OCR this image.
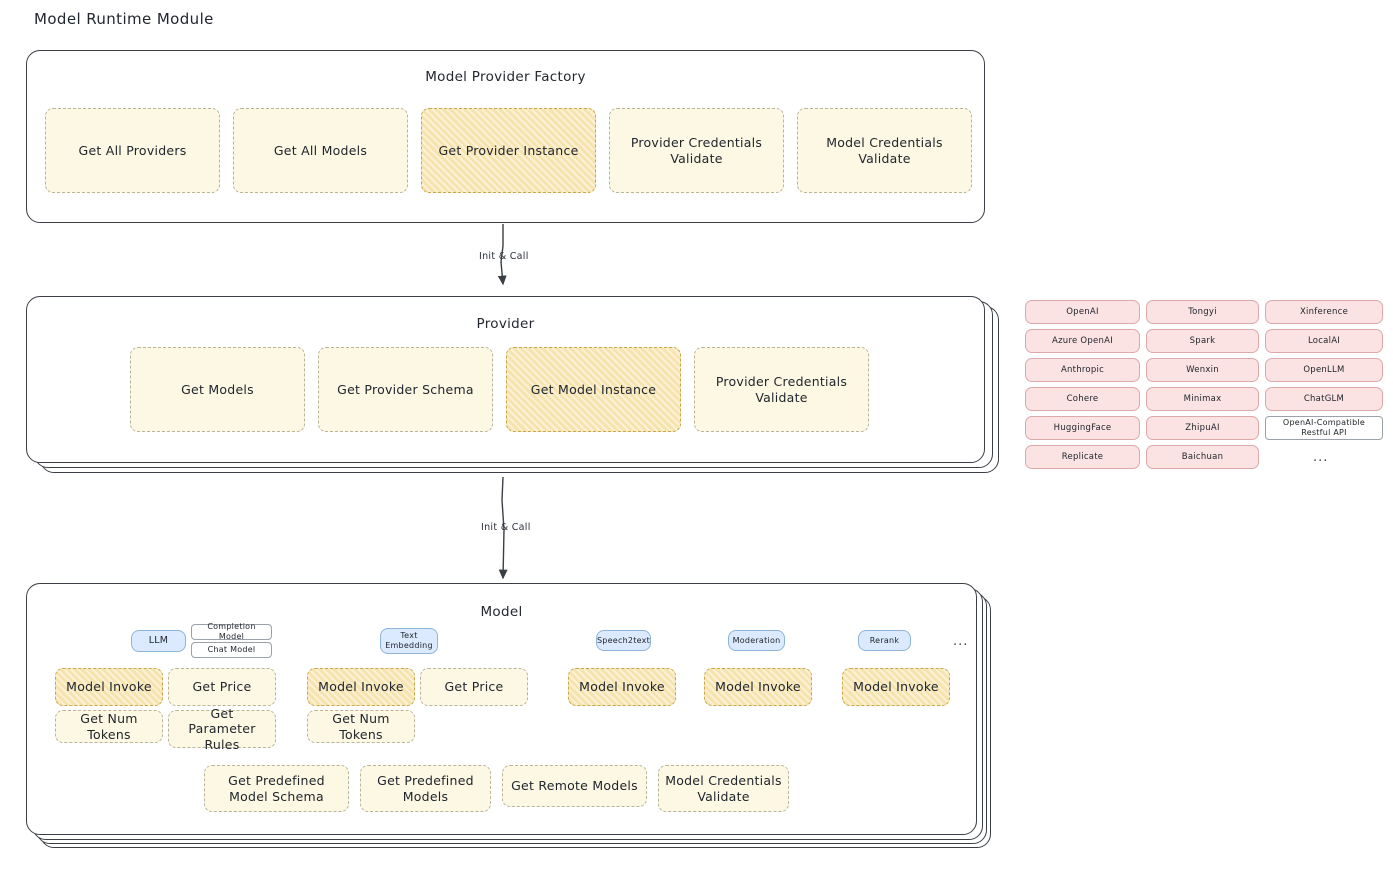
Model Runtime Module
Model Provider Factory
Get All Providers	Get All Models	Get Provider Instance
Provider Credentials Validate
Model Credentials Validate
Init & Call
Provider
Get Models	Get Provider Schema	Get Model Instance
Provider Credentials Validate
OpenAI
Azure OpenAI
Anthropic
Cohere
HuggingFace
Replicate
Tongyi
Spark
Wenxin
Minimax
ZhipuAI
Baichuan
Xinference
LocalAI
OpenLLM
ChatGLM
OpenAI-Compatible Restful API
...
Init & Call
Model
LLM
Completion Model
Chat Model
Text Embedding
Speech2text	Moderation	Rerank	...
Model Invoke	Get Price
Get Num Tokens
Get Parameter Rules
Model Invoke	Get Price
Get Num Tokens
Model Invoke	Model Invoke	Model Invoke
Get Predefined Model Schema
Get Predefined Models
Get Remote Models	Model Credentials Validate
